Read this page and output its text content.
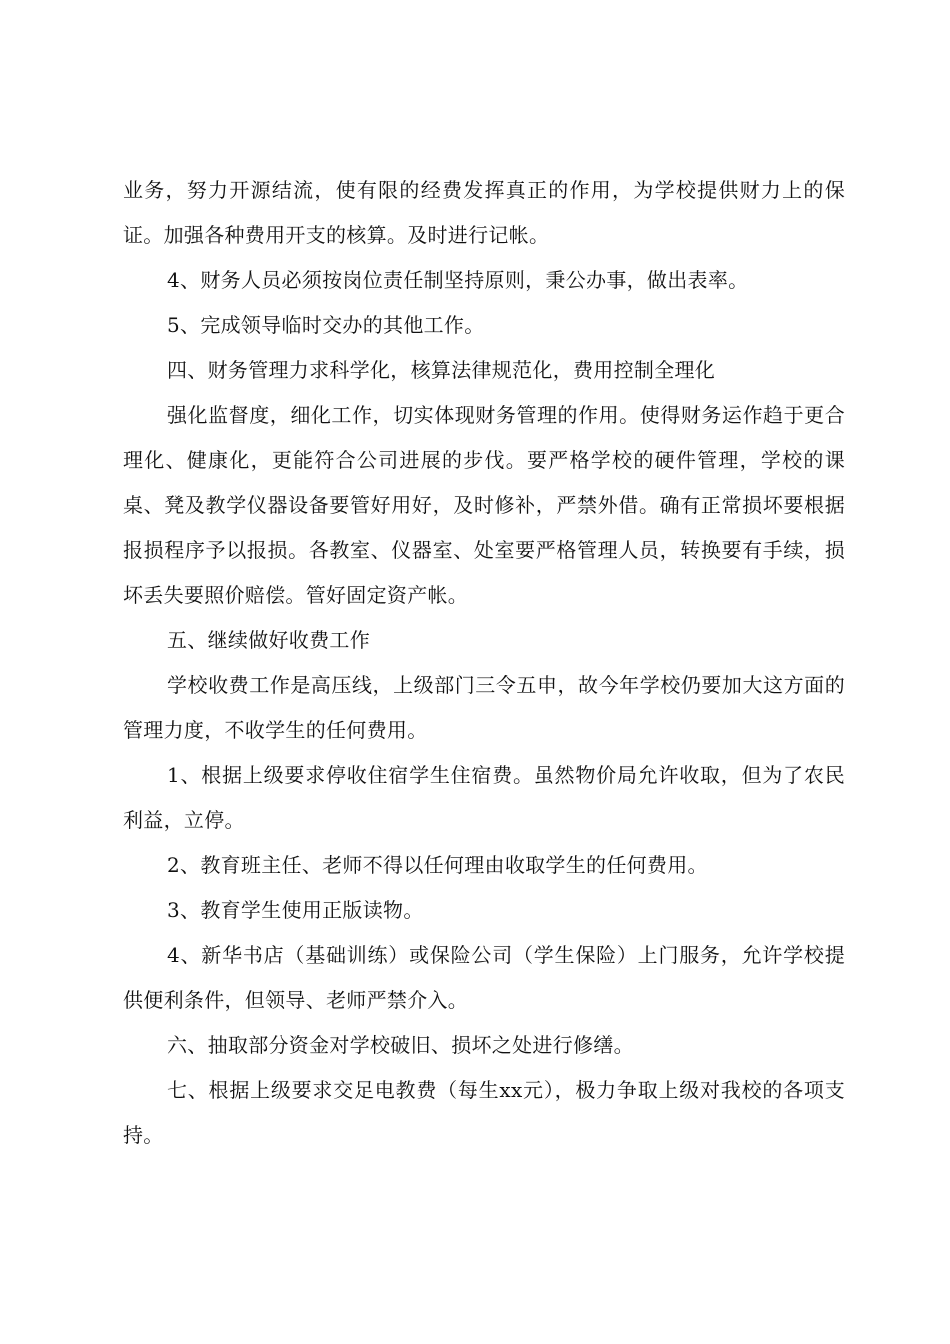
业务，努力开源结流，使有限的经费发挥真正的作用，为学校提供财力上的保证。加强各种费用开支的核算。及时进行记帐。

4、财务人员必须按岗位责任制坚持原则，秉公办事，做出表率。

5、完成领导临时交办的其他工作。

四、财务管理力求科学化，核算法律规范化，费用控制全理化

强化监督度，细化工作，切实体现财务管理的作用。使得财务运作趋于更合理化、健康化，更能符合公司进展的步伐。要严格学校的硬件管理，学校的课桌、凳及教学仪器设备要管好用好，及时修补，严禁外借。确有正常损坏要根据报损程序予以报损。各教室、仪器室、处室要严格管理人员，转换要有手续，损坏丢失要照价赔偿。管好固定资产帐。

五、继续做好收费工作

学校收费工作是高压线，上级部门三令五申，故今年学校仍要加大这方面的管理力度，不收学生的任何费用。

1、根据上级要求停收住宿学生住宿费。虽然物价局允许收取，但为了农民利益，立停。

2、教育班主任、老师不得以任何理由收取学生的任何费用。

3、教育学生使用正版读物。

4、新华书店（基础训练）或保险公司（学生保险）上门服务，允许学校提供便利条件，但领导、老师严禁介入。

六、抽取部分资金对学校破旧、损坏之处进行修缮。

七、根据上级要求交足电教费（每生xx元），极力争取上级对我校的各项支持。
